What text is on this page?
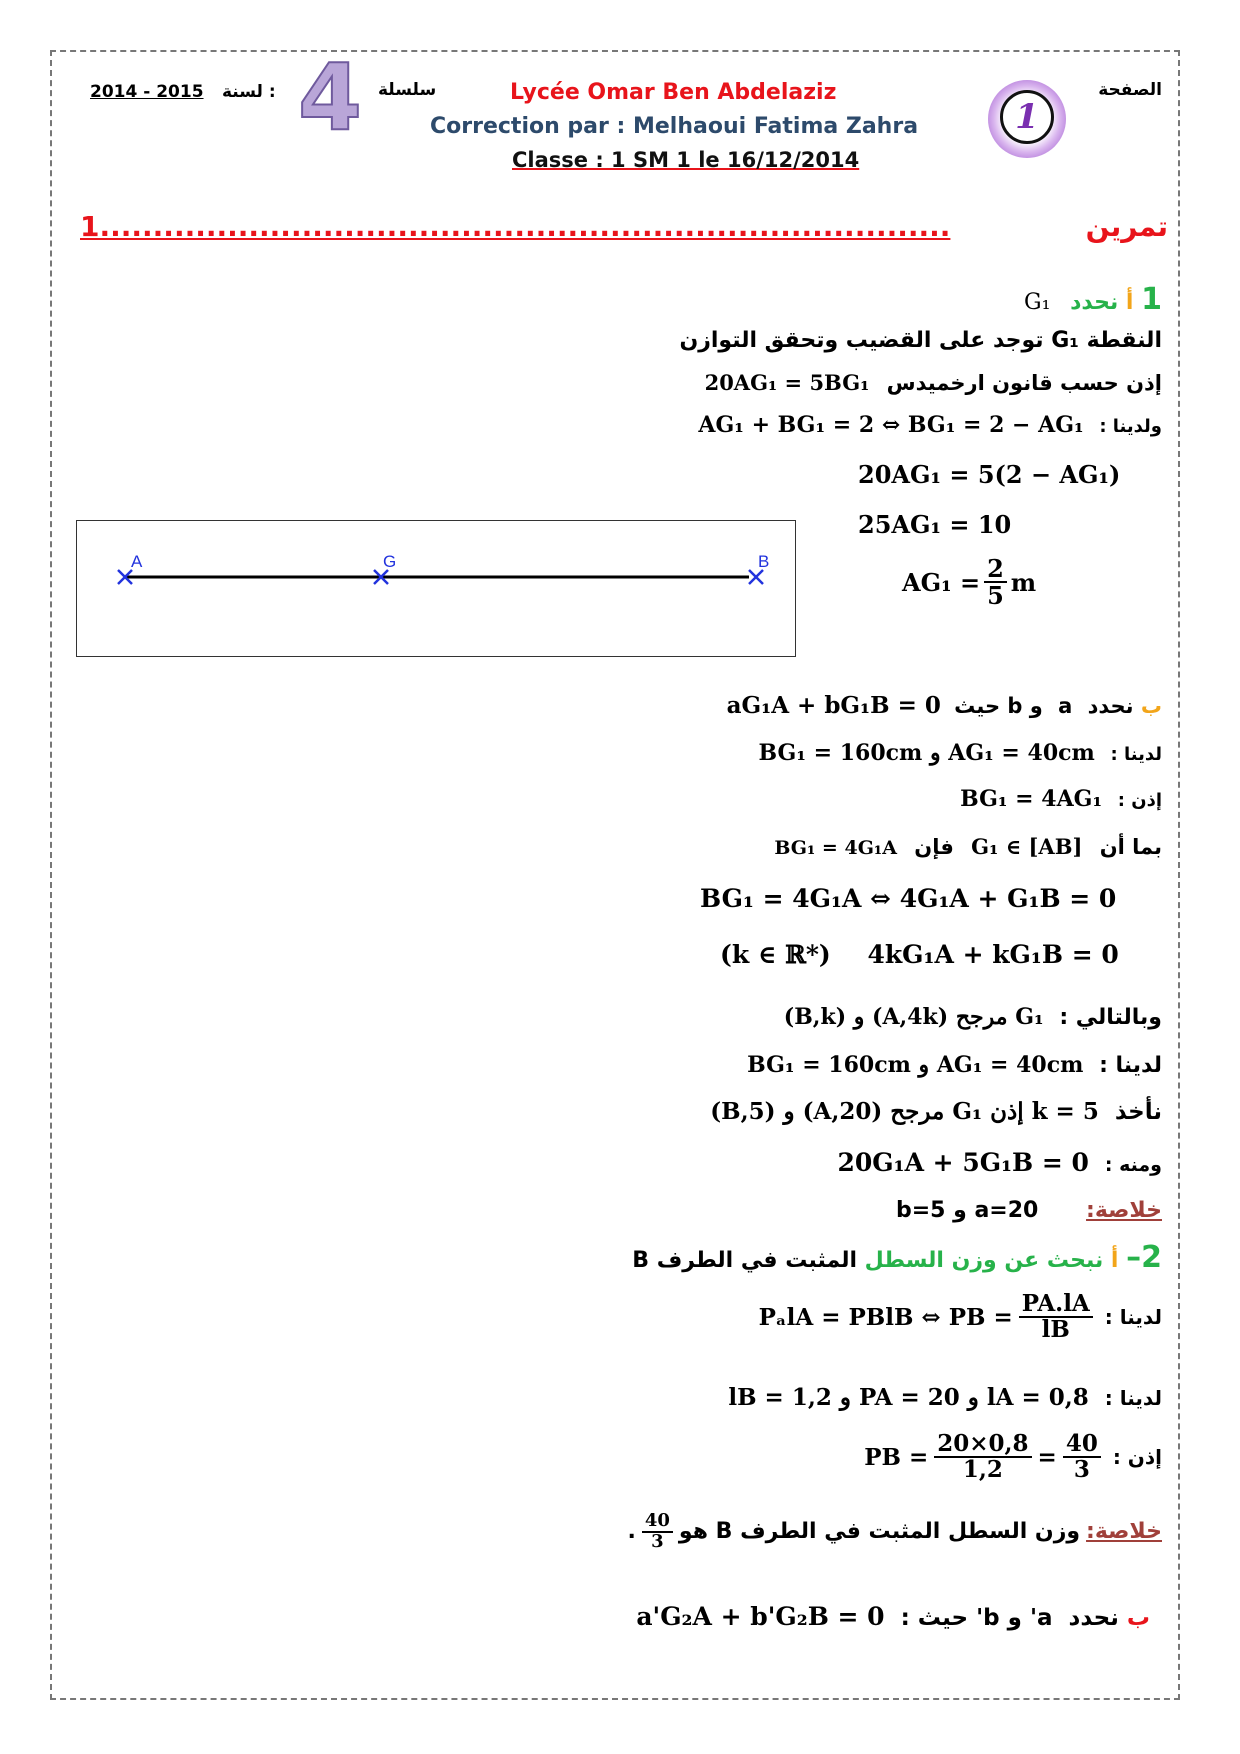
الصفحة
1
Lycée Omar Ben Abdelaziz
Correction par : Melhaoui Fatima Zahra
Classe : 1 SM 1 le 16/12/2014
سلسلة
4
لسنة :
2014 - 2015
1................................................................................	تمرين
1 أ نحدد G₁
النقطة G₁ توجد على القضيب وتحقق التوازن
إذن حسب قانون ارخميدس 20AG₁ = 5BG₁
ولدينا : AG₁ + BG₁ = 2 ⇔ BG₁ = 2 − AG₁
20AG₁ = 5(2 − AG₁)
25AG₁ = 10
$AG_1 = \frac{2}{5}$ m
A	G	B
ب نحدد a و b حيث aG₁A + bG₁B = 0
لدينا : AG₁ = 40cm و BG₁ = 160cm
إذن : BG₁ = 4AG₁
بما أن G₁ ∈ [AB] فإن BG₁ = 4G₁A
BG₁ = 4G₁A ⇔ 4G₁A + G₁B = 0
(k ∈ ℝ*) 4kG₁A + kG₁B = 0
وبالتالي : G₁ مرجح (A,4k) و (B,k)
لدينا : AG₁ = 40cm و BG₁ = 160cm
نأخذ k = 5 إذن G₁ مرجح (A,20) و (B,5)
ومنه : 20G₁A + 5G₁B = 0
خلاصة: a=20 و b=5
2– أ نبحث عن وزن السطل المثبت في الطرف B
لدينا :
PₐlA = PBlB ⇔ PB = $\frac{PA.lA}{lB}$
لدينا : lA = 0,8 و PA = 20 و lB = 1,2
إذن :
PB = $\frac{20\times 0,8}{1,2} = \frac{40}{3}$
خلاصة:
وزن السطل المثبت في الطرف B هو
$\frac{40}{3}$
.
ب نحدد a' و b' حيث : a'G₂A + b'G₂B = 0
